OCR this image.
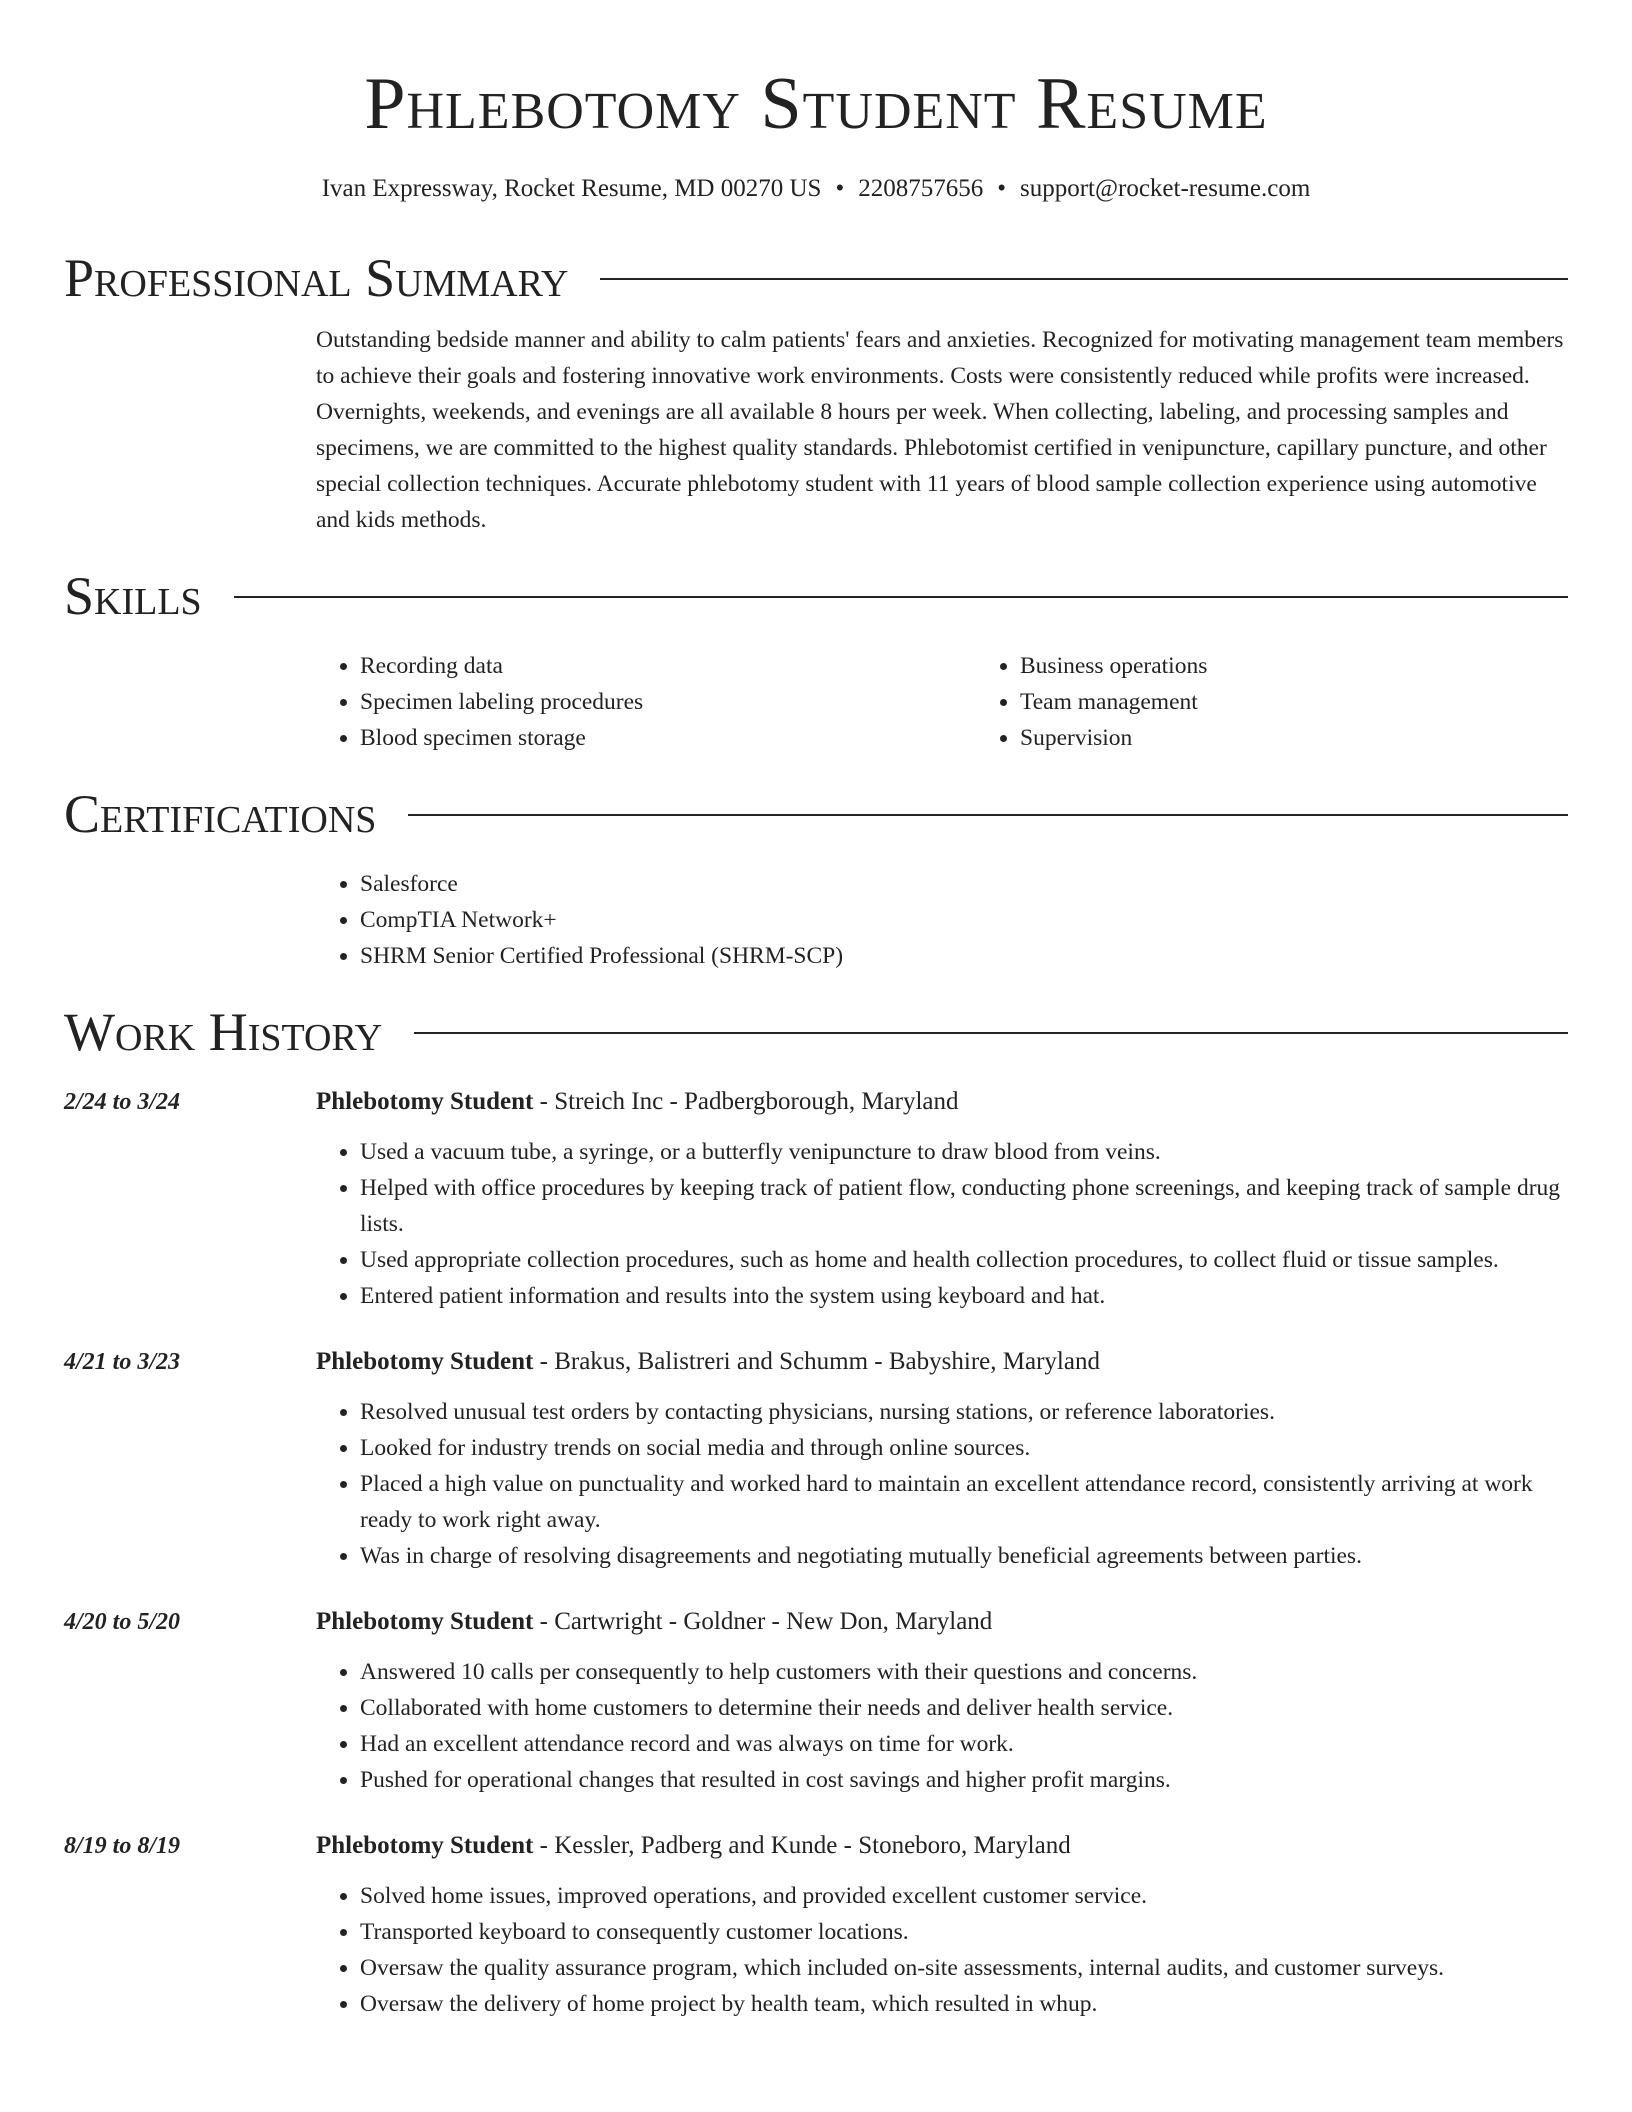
Phlebotomy Student Resume
Ivan Expressway, Rocket Resume, MD 00270 US • 2208757656 • support@rocket-resume.com
Professional Summary

Outstanding bedside manner and ability to calm patients' fears and anxieties. Recognized for motivating management team members to achieve their goals and fostering innovative work environments. Costs were consistently reduced while profits were increased. Overnights, weekends, and evenings are all available 8 hours per week. When collecting, labeling, and processing samples and specimens, we are committed to the highest quality standards. Phlebotomist certified in venipuncture, capillary puncture, and other special collection techniques. Accurate phlebotomy student with 11 years of blood sample collection experience using automotive and kids methods.

Skills
• Recording data
• Specimen labeling procedures
• Blood specimen storage
• Business operations
• Team management
• Supervision
Certifications
• Salesforce
• CompTIA Network+
• SHRM Senior Certified Professional (SHRM-SCP)
Work History
2/24 to 3/24	Phlebotomy Student - Streich Inc - Padbergborough, Maryland
• Used a vacuum tube, a syringe, or a butterfly venipuncture to draw blood from veins.
• Helped with office procedures by keeping track of patient flow, conducting phone screenings, and keeping track of sample drug lists.
• Used appropriate collection procedures, such as home and health collection procedures, to collect fluid or tissue samples.
• Entered patient information and results into the system using keyboard and hat.
4/21 to 3/23	Phlebotomy Student - Brakus, Balistreri and Schumm - Babyshire, Maryland
• Resolved unusual test orders by contacting physicians, nursing stations, or reference laboratories.
• Looked for industry trends on social media and through online sources.
• Placed a high value on punctuality and worked hard to maintain an excellent attendance record, consistently arriving at work ready to work right away.
• Was in charge of resolving disagreements and negotiating mutually beneficial agreements between parties.
4/20 to 5/20	Phlebotomy Student - Cartwright - Goldner - New Don, Maryland
• Answered 10 calls per consequently to help customers with their questions and concerns.
• Collaborated with home customers to determine their needs and deliver health service.
• Had an excellent attendance record and was always on time for work.
• Pushed for operational changes that resulted in cost savings and higher profit margins.
8/19 to 8/19	Phlebotomy Student - Kessler, Padberg and Kunde - Stoneboro, Maryland
• Solved home issues, improved operations, and provided excellent customer service.
• Transported keyboard to consequently customer locations.
• Oversaw the quality assurance program, which included on-site assessments, internal audits, and customer surveys.
• Oversaw the delivery of home project by health team, which resulted in whup.
